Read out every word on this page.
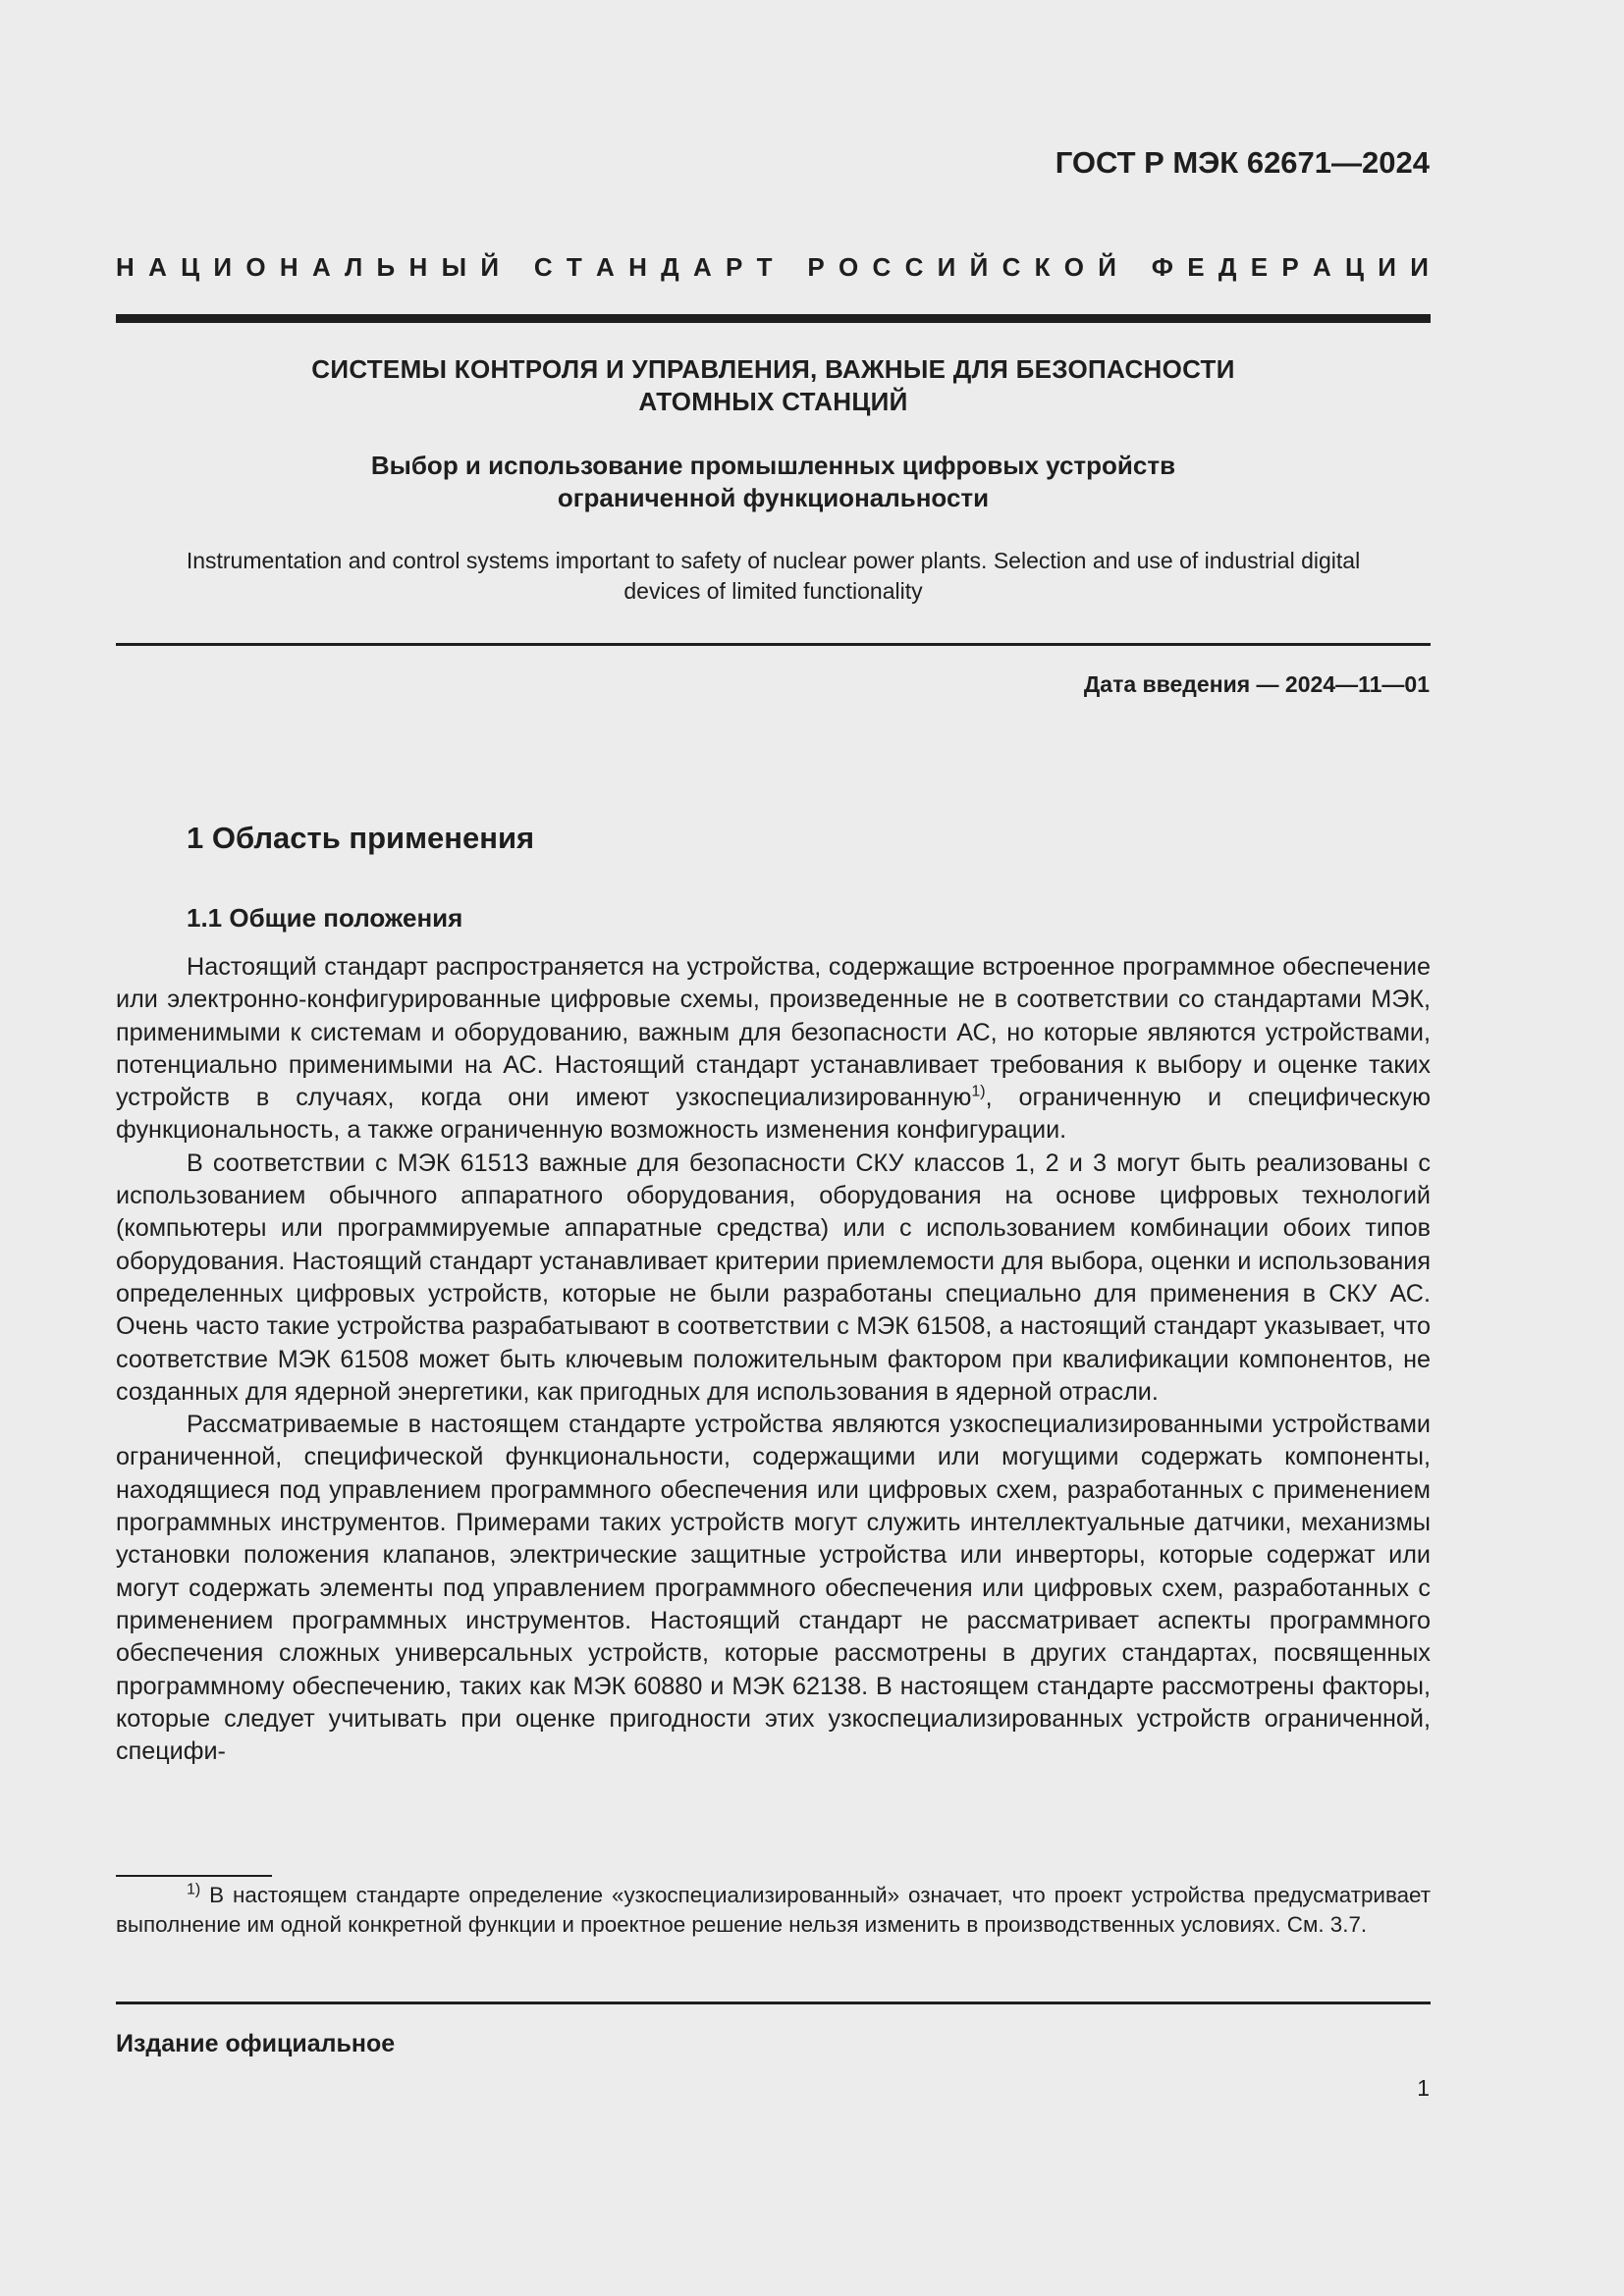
ГОСТ Р МЭК 62671—2024
Н А Ц И О Н А Л Ь Н Ы Й
С Т А Н Д А Р Т
Р О С С И Й С К О Й
Ф Е Д Е Р А Ц И И
СИСТЕМЫ КОНТРОЛЯ И УПРАВЛЕНИЯ, ВАЖНЫЕ ДЛЯ БЕЗОПАСНОСТИ
АТОМНЫХ СТАНЦИЙ
Выбор и использование промышленных цифровых устройств
ограниченной функциональности
Instrumentation and control systems important to safety of nuclear power plants. Selection and use of industrial digital
devices of limited functionality
Дата введения — 2024—11—01
1 Область применения
1.1 Общие положения

Настоящий стандарт распространяется на устройства, содержащие встроенное программное обеспечение или электронно-конфигурированные цифровые схемы, произведенные не в соответствии со стандартами МЭК, применимыми к системам и оборудованию, важным для безопасности АС, но которые являются устройствами, потенциально применимыми на АС. Настоящий стандарт устанавливает требования к выбору и оценке таких устройств в случаях, когда они имеют узкоспециализированную$^{1)}$, ограниченную и специфическую функциональность, а также ограниченную возможность изменения конфигурации.

В соответствии с МЭК 61513 важные для безопасности СКУ классов 1, 2 и 3 могут быть реализованы с использованием обычного аппаратного оборудования, оборудования на основе цифровых технологий (компьютеры или программируемые аппаратные средства) или с использованием комбинации обоих типов оборудования. Настоящий стандарт устанавливает критерии приемлемости для выбора, оценки и использования определенных цифровых устройств, которые не были разработаны специально для применения в СКУ АС. Очень часто такие устройства разрабатывают в соответствии с МЭК 61508, а настоящий стандарт указывает, что соответствие МЭК 61508 может быть ключевым положительным фактором при квалификации компонентов, не созданных для ядерной энергетики, как пригодных для использования в ядерной отрасли.

Рассматриваемые в настоящем стандарте устройства являются узкоспециализированными устройствами ограниченной, специфической функциональности, содержащими или могущими содержать компоненты, находящиеся под управлением программного обеспечения или цифровых схем, разработанных с применением программных инструментов. Примерами таких устройств могут служить интеллектуальные датчики, механизмы установки положения клапанов, электрические защитные устройства или инверторы, которые содержат или могут содержать элементы под управлением программного обеспечения или цифровых схем, разработанных с применением программных инструментов. Настоящий стандарт не рассматривает аспекты программного обеспечения сложных универсальных устройств, которые рассмотрены в других стандартах, посвященных программному обеспечению, таких как МЭК 60880 и МЭК 62138. В настоящем стандарте рассмотрены факторы, которые следует учитывать при оценке пригодности этих узкоспециализированных устройств ограниченной, специфи-

$^{1)}$ В настоящем стандарте определение «узкоспециализированный» означает, что проект устройства предусматривает выполнение им одной конкретной функции и проектное решение нельзя изменить в производственных условиях. См. 3.7.

Издание официальное
1
